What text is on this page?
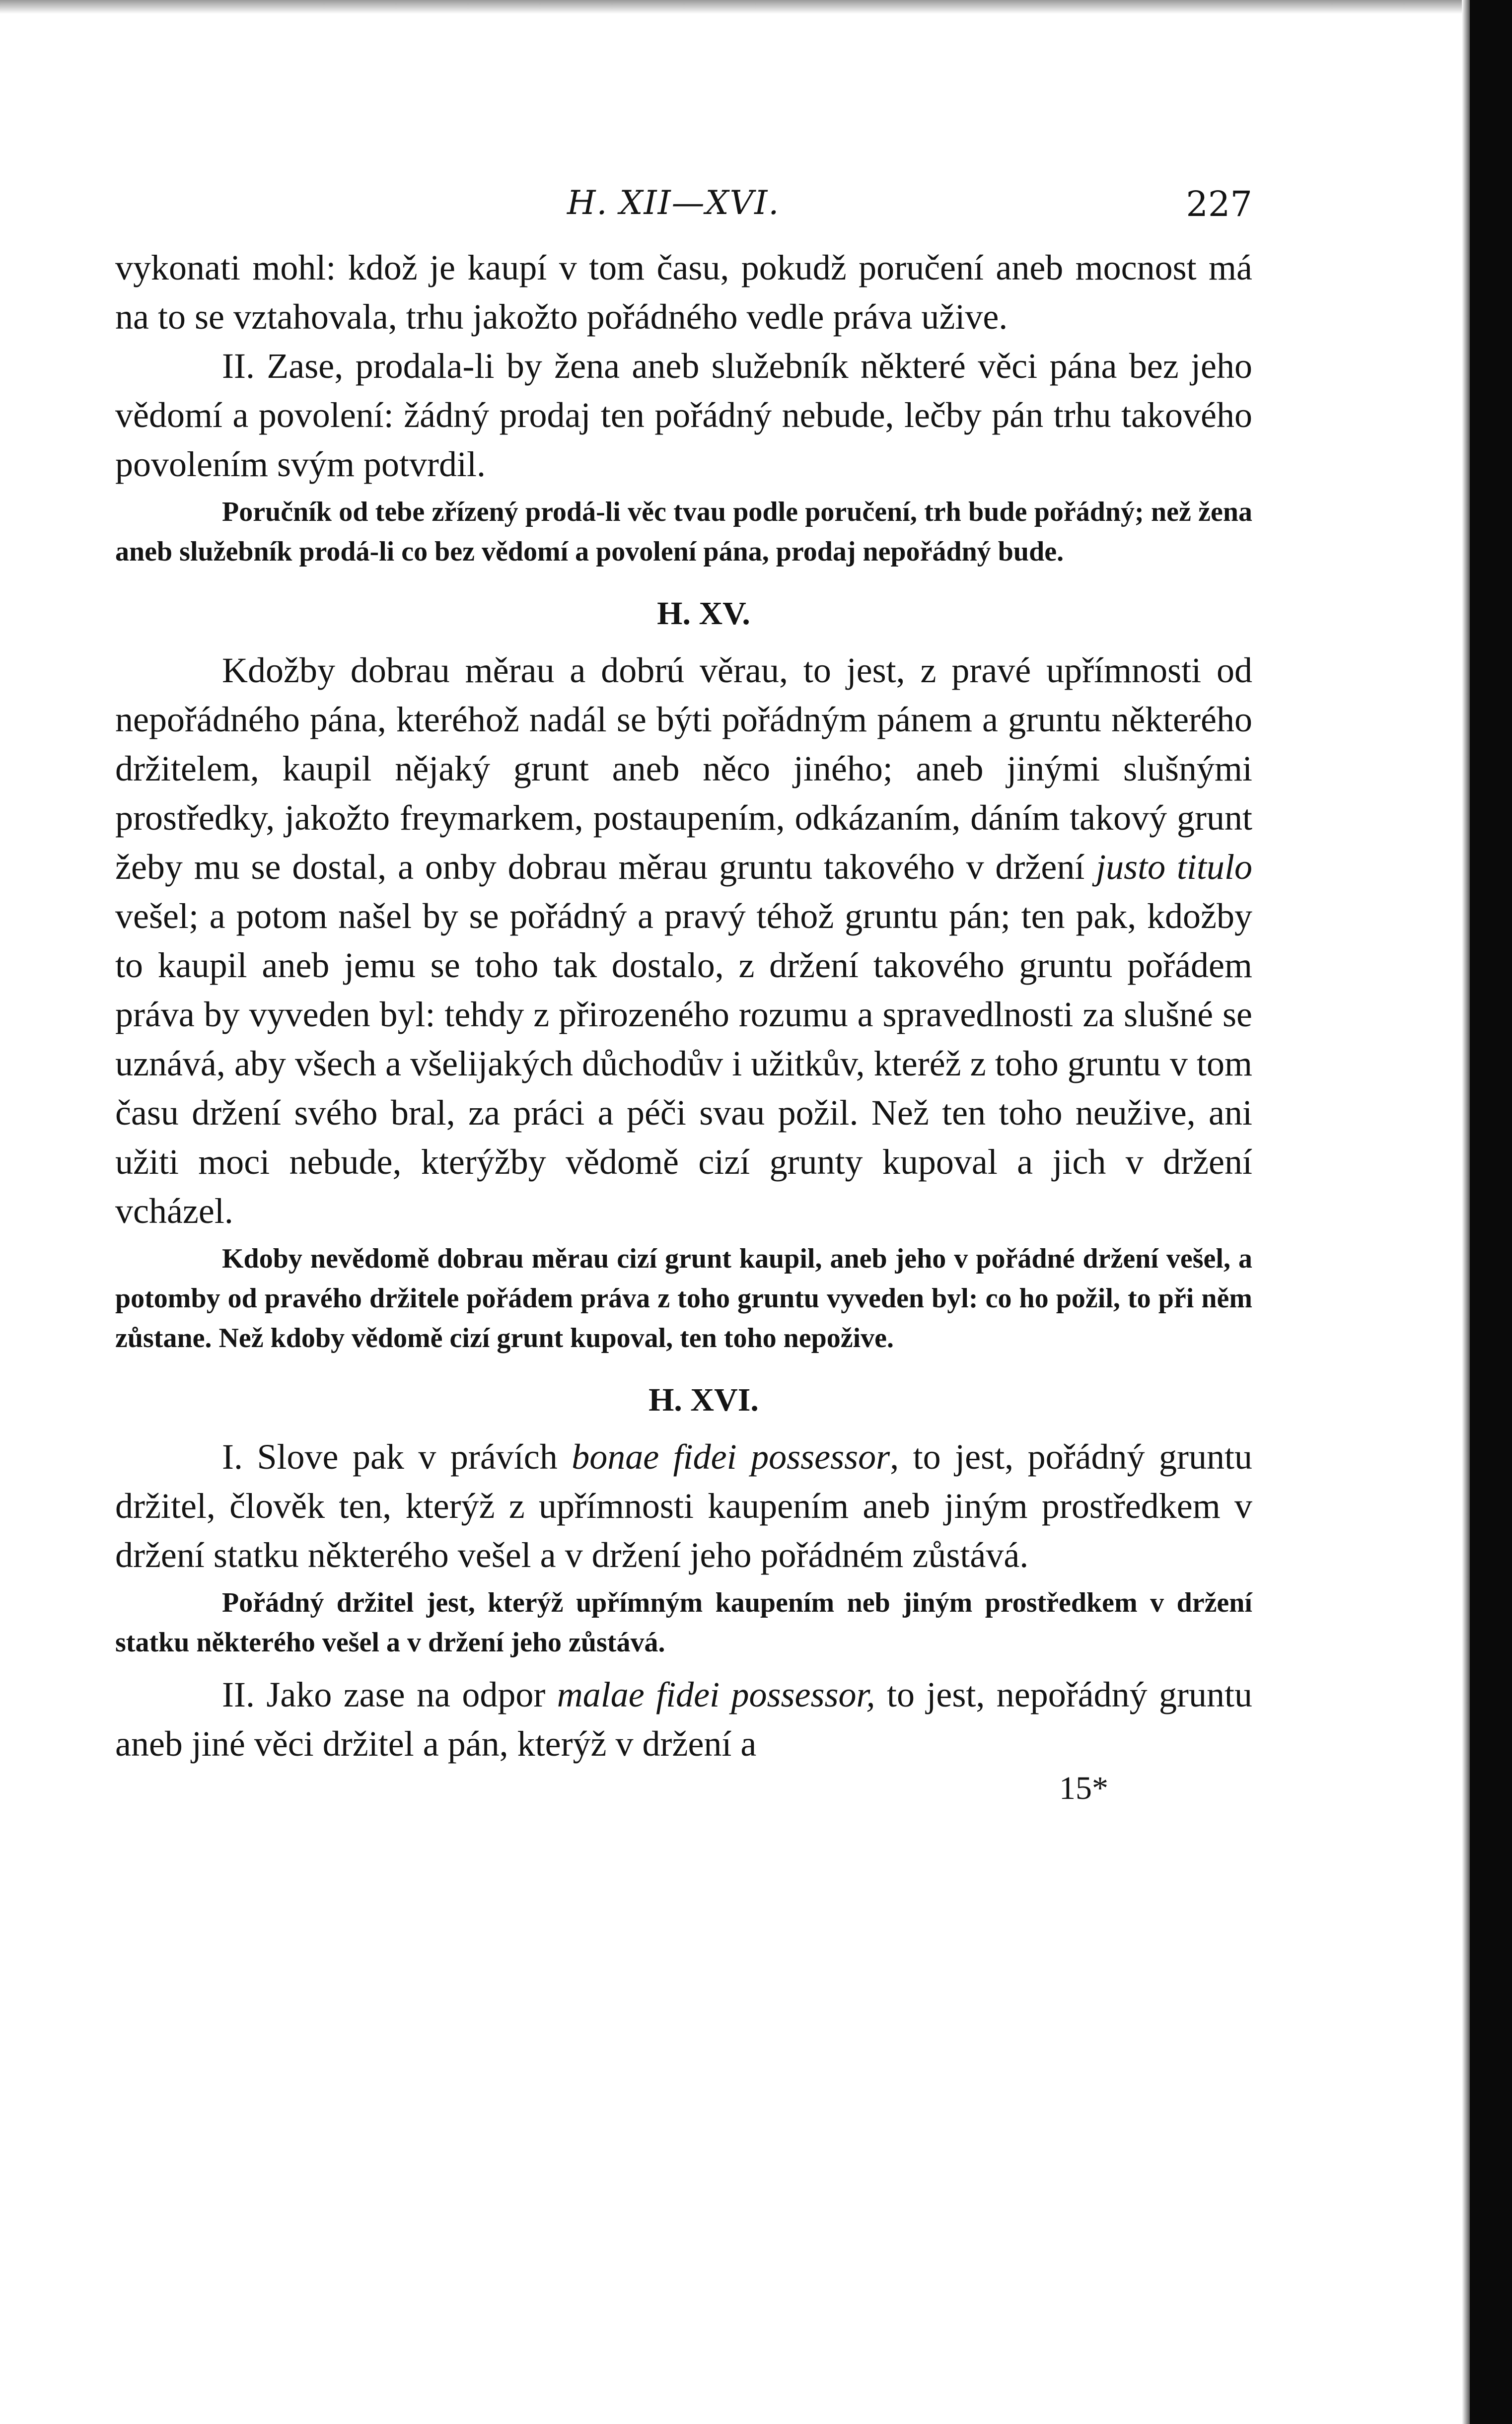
H. XII—XVI.	227

vykonati mohl: kdož je kaupí v tom času, pokudž poručení aneb mocnost má na to se vztahovala, trhu jakožto pořádného vedle práva užive.

II. Zase, prodala-li by žena aneb služebník některé věci pána bez jeho vědomí a povolení: žádný prodaj ten pořádný nebude, lečby pán trhu takového povolením svým potvrdil.

Poručník od tebe zřízený prodá-li věc tvau podle poručení, trh bude pořádný; než žena aneb služebník prodá-li co bez vědomí a povolení pána, prodaj nepořádný bude.

H. XV.

Kdožby dobrau měrau a dobrú věrau, to jest, z pravé upřímnosti od nepořádného pána, kteréhož nadál se býti pořádným pánem a gruntu některého držitelem, kaupil nějaký grunt aneb něco jiného; aneb jinými slušnými prostředky, jakožto freymarkem, postaupením, odkázaním, dáním takový grunt žeby mu se dostal, a onby dobrau měrau gruntu takového v držení justo titulo vešel; a potom našel by se pořádný a pravý téhož gruntu pán; ten pak, kdožby to kaupil aneb jemu se toho tak dostalo, z držení takového gruntu pořádem práva by vyveden byl: tehdy z přirozeného rozumu a spravedlnosti za slušné se uznává, aby všech a všelijakých důchodův i užitkův, kteréž z toho gruntu v tom času držení svého bral, za práci a péči svau požil. Než ten toho neužive, ani užiti moci nebude, kterýžby vědomě cizí grunty kupoval a jich v držení vcházel.

Kdoby nevědomě dobrau měrau cizí grunt kaupil, aneb jeho v pořádné držení vešel, a potomby od pravého držitele pořádem práva z toho gruntu vyveden byl: co ho požil, to při něm zůstane. Než kdoby vědomě cizí grunt kupoval, ten toho nepožive.

H. XVI.

I. Slove pak v právích bonae fidei possessor, to jest, pořádný gruntu držitel, člověk ten, kterýž z upřímnosti kaupením aneb jiným prostředkem v držení statku některého vešel a v držení jeho pořádném zůstává.

Pořádný držitel jest, kterýž upřímným kaupením neb jiným prostředkem v držení statku některého vešel a v držení jeho zůstává.

II. Jako zase na odpor malae fidei possessor, to jest, nepořádný gruntu aneb jiné věci držitel a pán, kterýž v držení a

15*
